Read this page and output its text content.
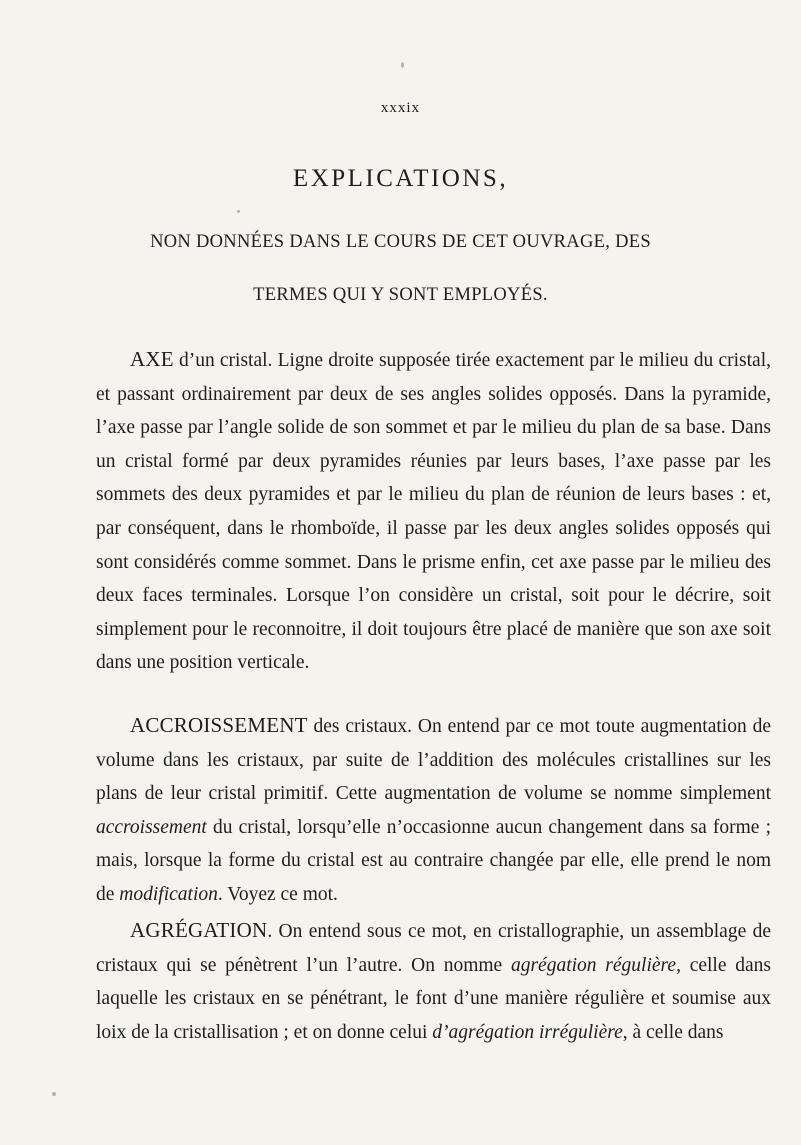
xxxix
EXPLICATIONS,
NON DONNÉES DANS LE COURS DE CET OUVRAGE, DES
TERMES QUI Y SONT EMPLOYÉS.

AXE d’un cristal. Ligne droite supposée tirée exactement par le milieu du cristal, et passant ordinairement par deux de ses angles solides opposés. Dans la pyramide, l’axe passe par l’angle solide de son sommet et par le milieu du plan de sa base. Dans un cristal formé par deux pyramides réunies par leurs bases, l’axe passe par les sommets des deux pyramides et par le milieu du plan de réunion de leurs bases : et, par conséquent, dans le rhomboïde, il passe par les deux angles solides opposés qui sont considérés comme sommet. Dans le prisme enfin, cet axe passe par le milieu des deux faces terminales. Lorsque l’on considère un cristal, soit pour le décrire, soit simplement pour le reconnoitre, il doit toujours être placé de manière que son axe soit dans une position verticale.

ACCROISSEMENT des cristaux. On entend par ce mot toute augmentation de volume dans les cristaux, par suite de l’addition des molécules cristallines sur les plans de leur cristal primitif. Cette augmentation de volume se nomme simplement accroissement du cristal, lorsqu’elle n’occasionne aucun changement dans sa forme ; mais, lorsque la forme du cristal est au contraire changée par elle, elle prend le nom de modification. Voyez ce mot.

AGRÉGATION. On entend sous ce mot, en cristallographie, un assemblage de cristaux qui se pénètrent l’un l’autre. On nomme agrégation régulière, celle dans laquelle les cristaux en se pénétrant, le font d’une manière régulière et soumise aux loix de la cristallisation ; et on donne celui d’agrégation irrégulière, à celle dans
